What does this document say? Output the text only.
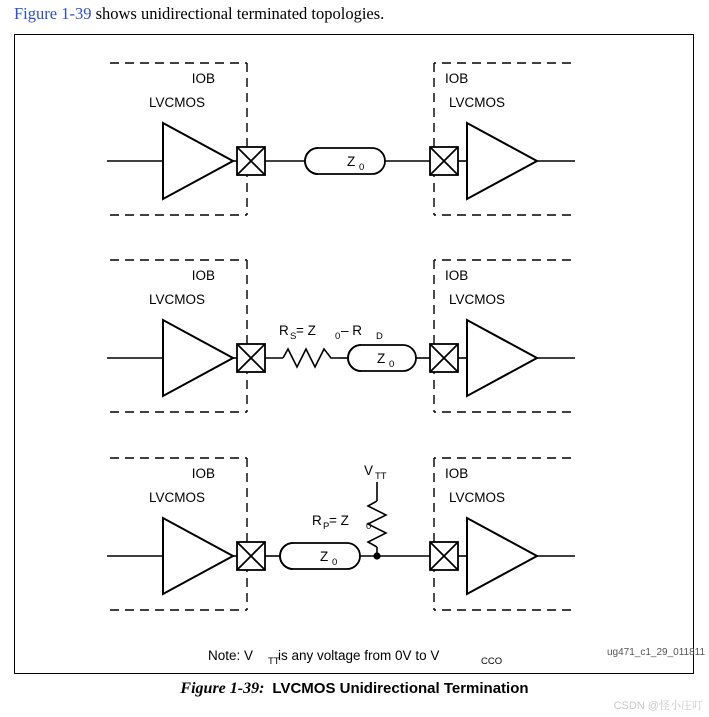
Figure 1-39 shows unidirectional terminated topologies.
IOB	IOB
LVCMOS	LVCMOS
Z 0
IOB	IOB
LVCMOS	LVCMOS
R S = Z 0 – R D
Z 0
IOB	IOB
LVCMOS	LVCMOS
Z 0
R P = Z 0
V TT
Note: V TT
is any voltage from 0V to V	CCO
ug471_c1_29_011811
Figure 1-39: LVCMOS Unidirectional Termination
CSDN @怪小庄叮
